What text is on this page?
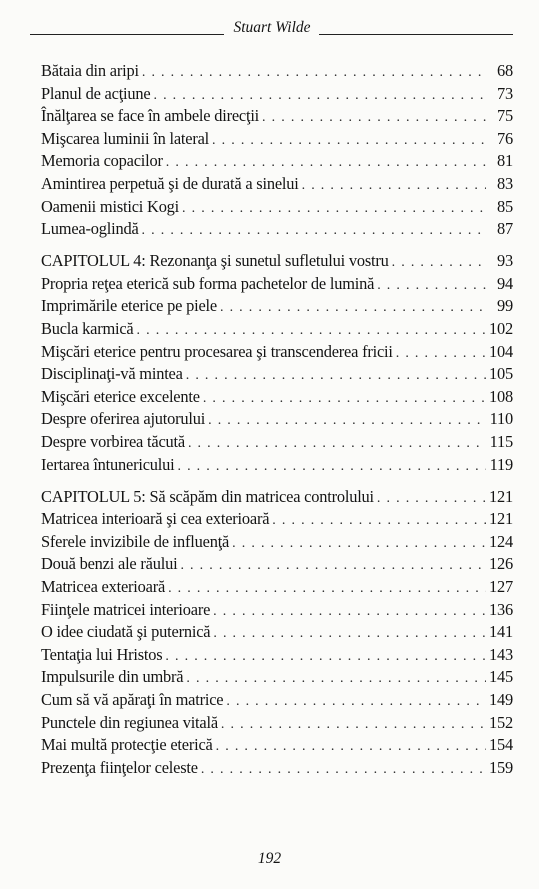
Stuart Wilde
Bătaia din aripi . . .	68
Planul de acţiune . . .	73
Înălţarea se face în ambele direcţii . . .	75
Mişcarea luminii în lateral . . .	76
Memoria copacilor . . .	81
Amintirea perpetuă şi de durată a sinelui . . .	83
Oamenii mistici Kogi . . .	85
Lumea-oglindă . . .	87
CAPITOLUL 4: Rezonanţa şi sunetul sufletului vostru . . .	93
Propria reţea eterică sub forma pachetelor de lumină . . .	94
Imprimările eterice pe piele . . .	99
Bucla karmică . . .	102
Mişcări eterice pentru procesarea şi transcenderea fricii . . .	104
Disciplinaţi-vă mintea . . .	105
Mişcări eterice excelente . . .	108
Despre oferirea ajutorului . . .	110
Despre vorbirea tăcută . . .	115
Iertarea întunericului . . .	119
CAPITOLUL 5: Să scăpăm din matricea controlului . . .	121
Matricea interioară şi cea exterioară . . .	121
Sferele invizibile de influenţă . . .	124
Două benzi ale răului . . .	126
Matricea exterioară . . .	127
Fiinţele matricei interioare . . .	136
O idee ciudată şi puternică . . .	141
Tentaţia lui Hristos . . .	143
Impulsurile din umbră . . .	145
Cum să vă apăraţi în matrice . . .	149
Punctele din regiunea vitală . . .	152
Mai multă protecţie eterică . . .	154
Prezenţa fiinţelor celeste . . .	159
192
